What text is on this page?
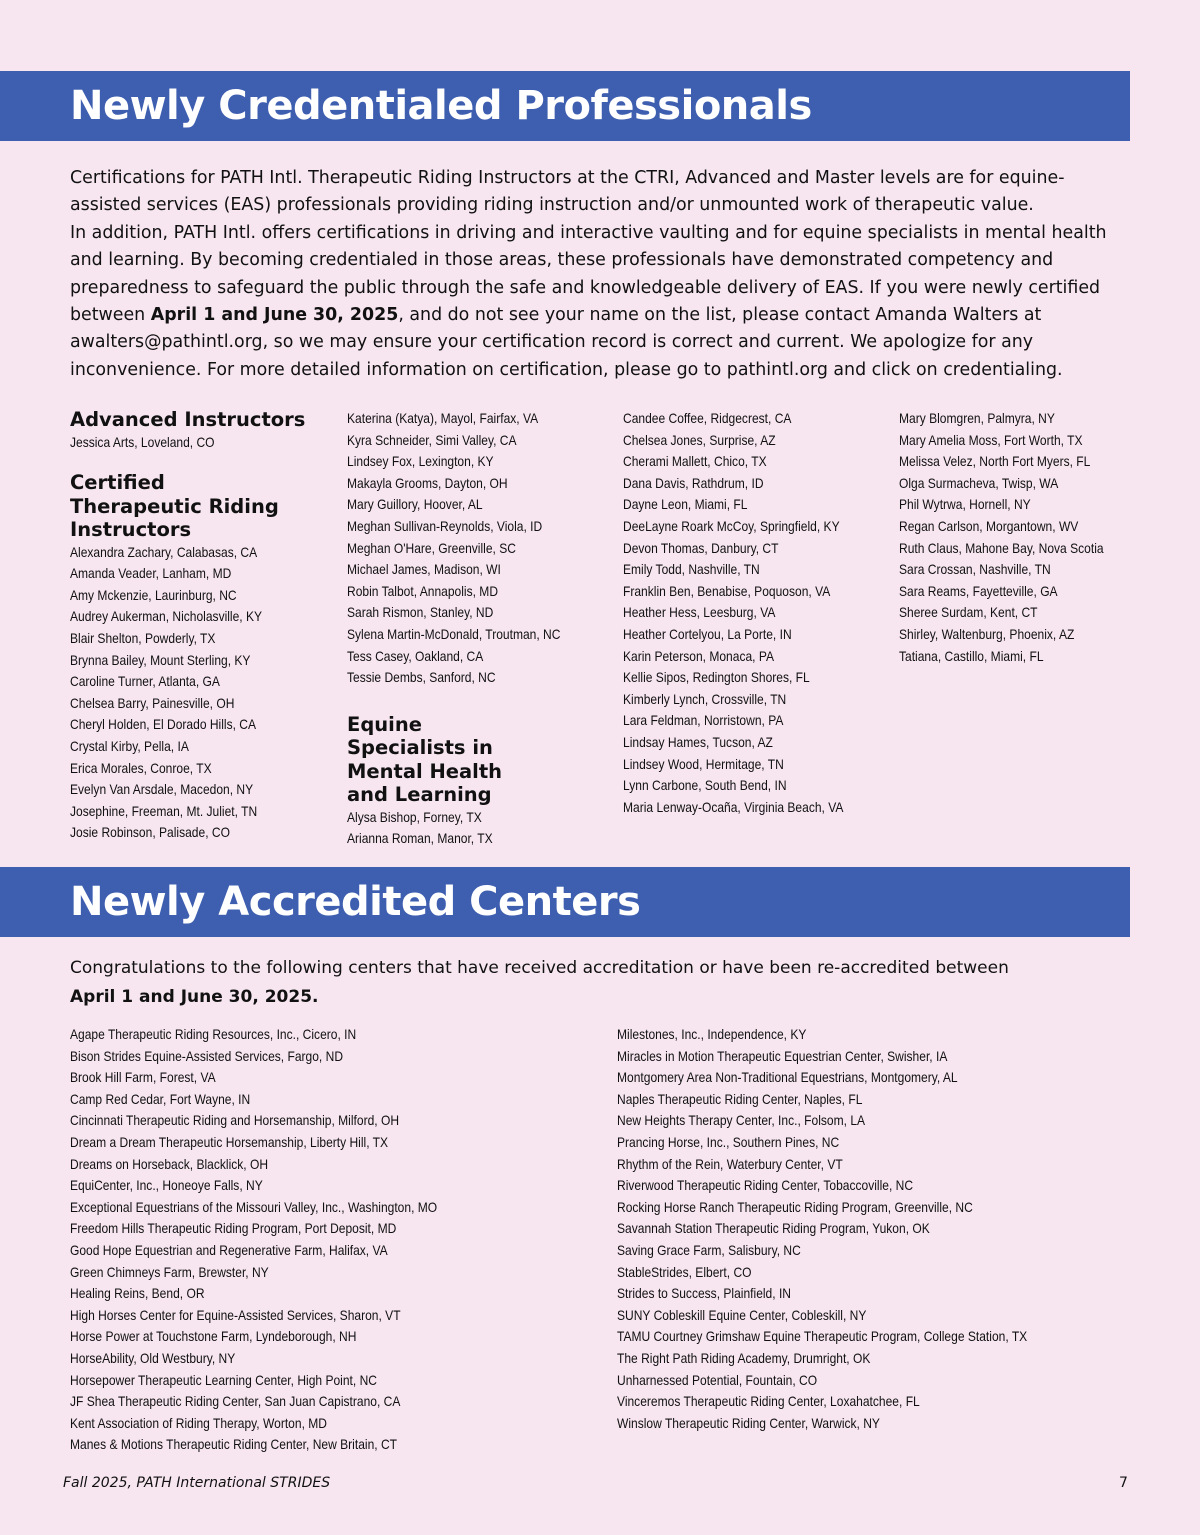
Newly Credentialed Professionals

Certifications for PATH Intl. Therapeutic Riding Instructors at the CTRI, Advanced and Master levels are for equine-assisted services (EAS) professionals providing riding instruction and/or unmounted work of therapeutic value.

In addition, PATH Intl. offers certifications in driving and interactive vaulting and for equine specialists in mental health and learning. By becoming credentialed in those areas, these professionals have demonstrated competency and preparedness to safeguard the public through the safe and knowledgeable delivery of EAS. If you were newly certified between April 1 and June 30, 2025, and do not see your name on the list, please contact Amanda Walters at awalters@pathintl.org, so we may ensure your certification record is correct and current. We apologize for any inconvenience. For more detailed information on certification, please go to pathintl.org and click on credentialing.

Advanced Instructors
Jessica Arts, Loveland, CO
Certified Therapeutic Riding Instructors
Alexandra Zachary, Calabasas, CA
Amanda Veader, Lanham, MD
Amy Mckenzie, Laurinburg, NC
Audrey Aukerman, Nicholasville, KY
Blair Shelton, Powderly, TX
Brynna Bailey, Mount Sterling, KY
Caroline Turner, Atlanta, GA
Chelsea Barry, Painesville, OH
Cheryl Holden, El Dorado Hills, CA
Crystal Kirby, Pella, IA
Erica Morales, Conroe, TX
Evelyn Van Arsdale, Macedon, NY
Josephine, Freeman, Mt. Juliet, TN
Josie Robinson, Palisade, CO
Katerina (Katya), Mayol, Fairfax, VA
Kyra Schneider, Simi Valley, CA
Lindsey Fox, Lexington, KY
Makayla Grooms, Dayton, OH
Mary Guillory, Hoover, AL
Meghan Sullivan-Reynolds, Viola, ID
Meghan O'Hare, Greenville, SC
Michael James, Madison, WI
Robin Talbot, Annapolis, MD
Sarah Rismon, Stanley, ND
Sylena Martin-McDonald, Troutman, NC
Tess Casey, Oakland, CA
Tessie Dembs, Sanford, NC
Equine Specialists in Mental Health and Learning
Alysa Bishop, Forney, TX
Arianna Roman, Manor, TX
Candee Coffee, Ridgecrest, CA
Chelsea Jones, Surprise, AZ
Cherami Mallett, Chico, TX
Dana Davis, Rathdrum, ID
Dayne Leon, Miami, FL
DeeLayne Roark McCoy, Springfield, KY
Devon Thomas, Danbury, CT
Emily Todd, Nashville, TN
Franklin Ben, Benabise, Poquoson, VA
Heather Hess, Leesburg, VA
Heather Cortelyou, La Porte, IN
Karin Peterson, Monaca, PA
Kellie Sipos, Redington Shores, FL
Kimberly Lynch, Crossville, TN
Lara Feldman, Norristown, PA
Lindsay Hames, Tucson, AZ
Lindsey Wood, Hermitage, TN
Lynn Carbone, South Bend, IN
Maria Lenway-Ocaña, Virginia Beach, VA
Mary Blomgren, Palmyra, NY
Mary Amelia Moss, Fort Worth, TX
Melissa Velez, North Fort Myers, FL
Olga Surmacheva, Twisp, WA
Phil Wytrwa, Hornell, NY
Regan Carlson, Morgantown, WV
Ruth Claus, Mahone Bay, Nova Scotia
Sara Crossan, Nashville, TN
Sara Reams, Fayetteville, GA
Sheree Surdam, Kent, CT
Shirley, Waltenburg, Phoenix, AZ
Tatiana, Castillo, Miami, FL
Newly Accredited Centers

Congratulations to the following centers that have received accreditation or have been re-accredited between

April 1 and June 30, 2025.

Agape Therapeutic Riding Resources, Inc., Cicero, IN
Bison Strides Equine-Assisted Services, Fargo, ND
Brook Hill Farm, Forest, VA
Camp Red Cedar, Fort Wayne, IN
Cincinnati Therapeutic Riding and Horsemanship, Milford, OH
Dream a Dream Therapeutic Horsemanship, Liberty Hill, TX
Dreams on Horseback, Blacklick, OH
EquiCenter, Inc., Honeoye Falls, NY
Exceptional Equestrians of the Missouri Valley, Inc., Washington, MO
Freedom Hills Therapeutic Riding Program, Port Deposit, MD
Good Hope Equestrian and Regenerative Farm, Halifax, VA
Green Chimneys Farm, Brewster, NY
Healing Reins, Bend, OR
High Horses Center for Equine-Assisted Services, Sharon, VT
Horse Power at Touchstone Farm, Lyndeborough, NH
HorseAbility, Old Westbury, NY
Horsepower Therapeutic Learning Center, High Point, NC
JF Shea Therapeutic Riding Center, San Juan Capistrano, CA
Kent Association of Riding Therapy, Worton, MD
Manes & Motions Therapeutic Riding Center, New Britain, CT
Milestones, Inc., Independence, KY
Miracles in Motion Therapeutic Equestrian Center, Swisher, IA
Montgomery Area Non-Traditional Equestrians, Montgomery, AL
Naples Therapeutic Riding Center, Naples, FL
New Heights Therapy Center, Inc., Folsom, LA
Prancing Horse, Inc., Southern Pines, NC
Rhythm of the Rein, Waterbury Center, VT
Riverwood Therapeutic Riding Center, Tobaccoville, NC
Rocking Horse Ranch Therapeutic Riding Program, Greenville, NC
Savannah Station Therapeutic Riding Program, Yukon, OK
Saving Grace Farm, Salisbury, NC
StableStrides, Elbert, CO
Strides to Success, Plainfield, IN
SUNY Cobleskill Equine Center, Cobleskill, NY
TAMU Courtney Grimshaw Equine Therapeutic Program, College Station, TX
The Right Path Riding Academy, Drumright, OK
Unharnessed Potential, Fountain, CO
Vinceremos Therapeutic Riding Center, Loxahatchee, FL
Winslow Therapeutic Riding Center, Warwick, NY
Fall 2025, PATH International STRIDES	7
